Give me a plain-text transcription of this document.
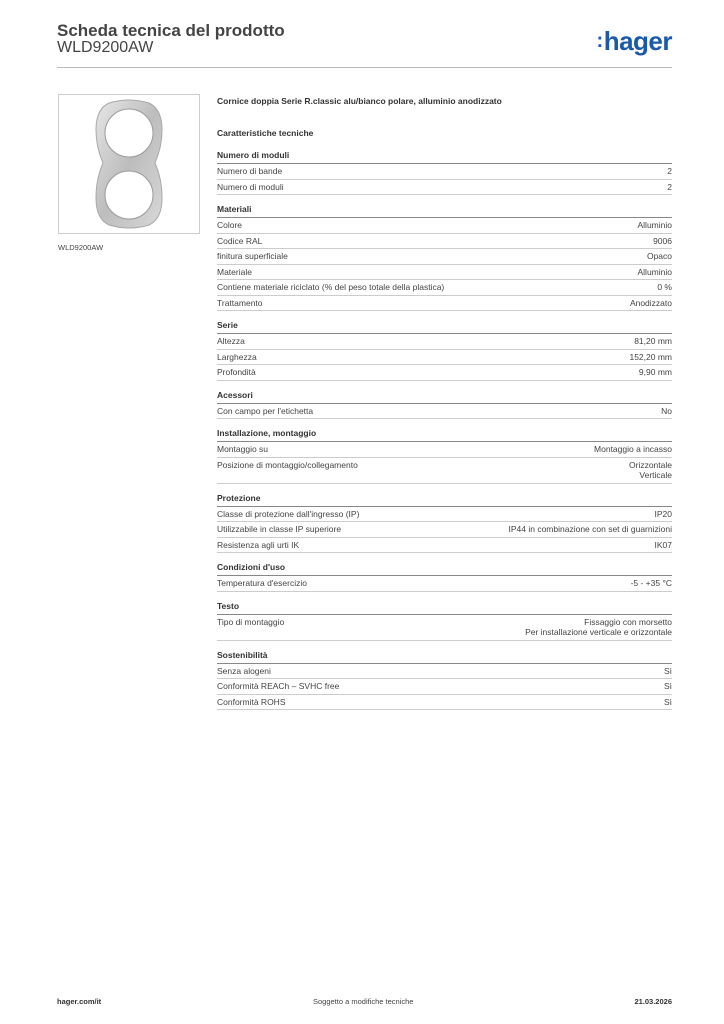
Scheda tecnica del prodotto
WLD9200AW	:hager
WLD9200AW
Cornice doppia Serie R.classic alu/bianco polare, alluminio anodizzato
Caratteristiche tecniche
Numero di moduli
Numero di bande	2
Numero di moduli	2
Materiali
Colore	Alluminio
Codice RAL	9006
finitura superficiale	Opaco
Materiale	Alluminio
Contiene materiale riciclato (% del peso totale della plastica)	0 %
Trattamento	Anodizzato
Serie
Altezza	81,20 mm
Larghezza	152,20 mm
Profondità	9,90 mm
Acessori
Con campo per l'etichetta	No
Installazione, montaggio
Montaggio su	Montaggio a incasso
Posizione di montaggio/collegamento	Orizzontale
Verticale
Protezione
Classe di protezione dall'ingresso (IP)	IP20
Utilizzabile in classe IP superiore	IP44 in combinazione con set di guarnizioni
Resistenza agli urti IK	IK07
Condizioni d'uso
Temperatura d'esercizio	-5 - +35 °C
Testo
Tipo di montaggio	Fissaggio con morsetto
Per installazione verticale e orizzontale
Sostenibilità
Senza alogeni	Sì
Conformità REACh – SVHC free	Sì
Conformità ROHS	Sì
hager.com/it	Soggetto a modifiche tecniche	21.03.2026
